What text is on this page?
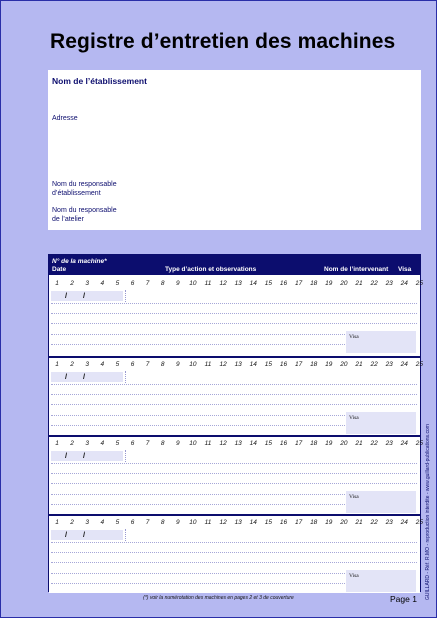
Registre d’entretien des machines
Nom de l’établissement
Adresse
Nom du responsable
d’établissement
Nom du responsable
de l’atelier
N° de la machine*
Date	Type d’action et observations	Nom de l’intervenant Visa
1	2	3	4	5	6	7	8	9	10	11	12	13	14	15	16	17	18	19	20	21	22	23	24	25
/ /
Visa
1	2	3	4	5	6	7	8	9	10	11	12	13	14	15	16	17	18	19	20	21	22	23	24	25
/ /
Visa
1	2	3	4	5	6	7	8	9	10	11	12	13	14	15	16	17	18	19	20	21	22	23	24	25
/ /
Visa
1	2	3	4	5	6	7	8	9	10	11	12	13	14	15	16	17	18	19	20	21	22	23	24	25
/ /
Visa
(*) voir la numérotation des machines en pages 2 et 3 de couverture	Page 1 GUILLARD - Réf. R.MO - reproduction interdite - www.guillard-publications.com
